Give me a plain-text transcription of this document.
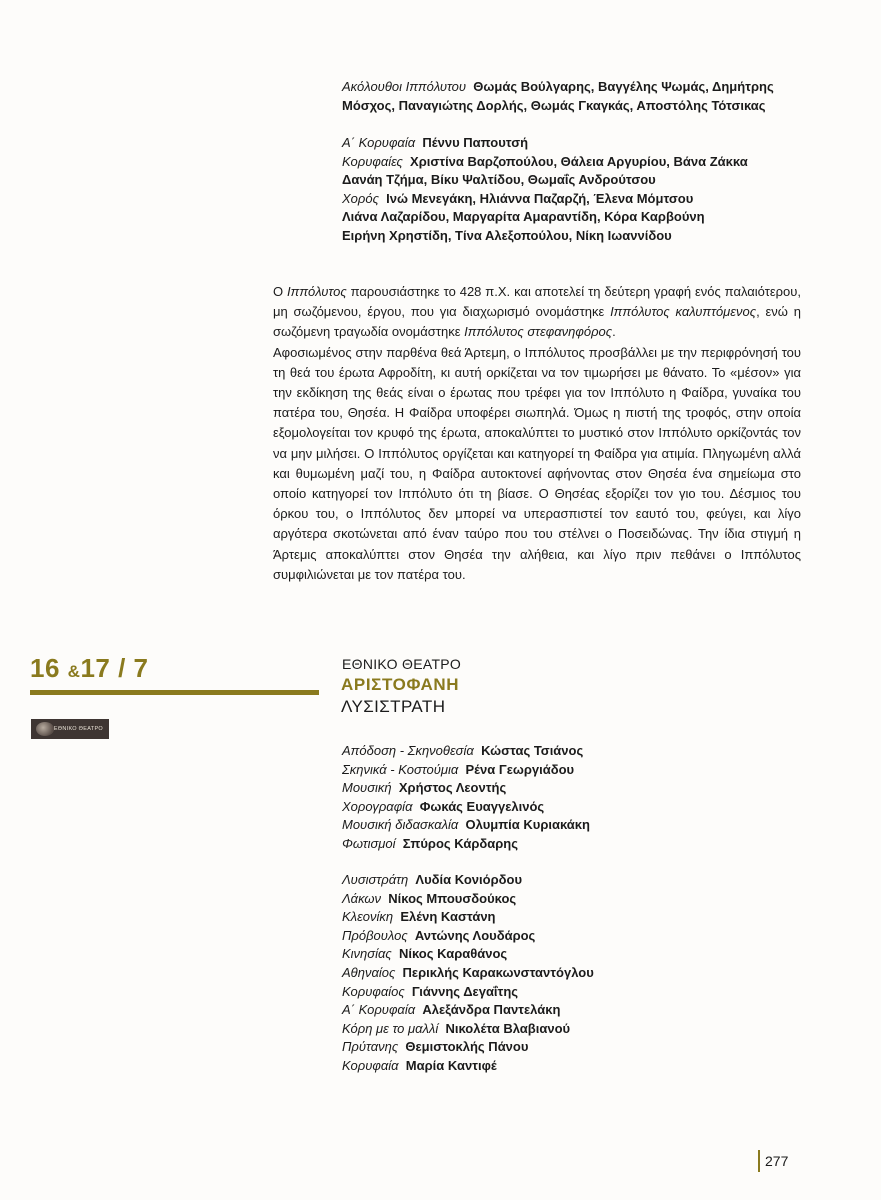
Ακόλουθοι Ιππόλυτου Θωμάς Βούλγαρης, Βαγγέλης Ψωμάς, Δημήτρης
Μόσχος, Παναγιώτης Δορλής, Θωμάς Γκαγκάς, Αποστόλης Τότσικας
Α΄ Κορυφαία Πέννυ Παπουτσή
Κορυφαίες Χριστίνα Βαρζοπούλου, Θάλεια Αργυρίου, Βάνα Ζάκκα
Δανάη Τζήμα, Βίκυ Ψαλτίδου, Θωμαΐς Ανδρούτσου
Χορός Ινώ Μενεγάκη, Ηλιάννα Παζαρζή, Έλενα Μόμτσου
Λιάνα Λαζαρίδου, Μαργαρίτα Αμαραντίδη, Κόρα Καρβούνη
Ειρήνη Χρηστίδη, Τίνα Αλεξοπούλου, Νίκη Ιωαννίδου

Ο Ιππόλυτος παρουσιάστηκε το 428 π.Χ. και αποτελεί τη δεύτερη γραφή ενός παλαιότερου, μη σωζόμενου, έργου, που για διαχωρισμό ονομάστηκε Ιππόλυτος καλυπτόμενος, ενώ η σωζόμενη τραγωδία ονομάστηκε Ιππόλυτος στεφανηφόρος.

Αφοσιωμένος στην παρθένα θεά Άρτεμη, ο Ιππόλυτος προσβάλλει με την περιφρόνησή του τη θεά του έρωτα Αφροδίτη, κι αυτή ορκίζεται να τον τιμωρήσει με θάνατο. Το «μέσον» για την εκδίκηση της θεάς είναι ο έρωτας που τρέφει για τον Ιππόλυτο η Φαίδρα, γυναίκα του πατέρα του, Θησέα. Η Φαίδρα υποφέρει σιωπηλά. Όμως η πιστή της τροφός, στην οποία εξομολογείται τον κρυφό της έρωτα, αποκαλύπτει το μυστικό στον Ιππόλυτο ορκίζοντάς τον να μην μιλήσει. Ο Ιππόλυτος οργίζεται και κατηγορεί τη Φαίδρα για ατιμία. Πληγωμένη αλλά και θυμωμένη μαζί του, η Φαίδρα αυτοκτονεί αφήνοντας στον Θησέα ένα σημείωμα στο οποίο κατηγορεί τον Ιππόλυτο ότι τη βίασε. Ο Θησέας εξορίζει τον γιο του. Δέσμιος του όρκου του, ο Ιππόλυτος δεν μπορεί να υπερασπιστεί τον εαυτό του, φεύγει, και λίγο αργότερα σκοτώνεται από έναν ταύρο που του στέλνει ο Ποσειδώνας. Την ίδια στιγμή η Άρτεμις αποκαλύπτει στον Θησέα την αλήθεια, και λίγο πριν πεθάνει ο Ιππόλυτος συμφιλιώνεται με τον πατέρα του.

16 &17 / 7
ΕΘΝΙΚΟ ΘΕΑΤΡΟ
ΕΘΝΙΚΟ ΘΕΑΤΡΟ
ΑΡΙΣΤΟΦΑΝΗ
ΛΥΣΙΣΤΡΑΤΗ
Απόδοση - Σκηνοθεσία Κώστας Τσιάνος
Σκηνικά - Κοστούμια Ρένα Γεωργιάδου
Μουσική Χρήστος Λεοντής
Χορογραφία Φωκάς Ευαγγελινός
Μουσική διδασκαλία Ολυμπία Κυριακάκη
Φωτισμοί Σπύρος Κάρδαρης
Λυσιστράτη Λυδία Κονιόρδου
Λάκων Νίκος Μπουσδούκος
Κλεονίκη Ελένη Καστάνη
Πρόβουλος Αντώνης Λουδάρος
Κινησίας Νίκος Καραθάνος
Αθηναίος Περικλής Καρακωνσταντόγλου
Κορυφαίος Γιάννης Δεγαΐτης
Α΄ Κορυφαία Αλεξάνδρα Παντελάκη
Κόρη με το μαλλί Νικολέτα Βλαβιανού
Πρύτανης Θεμιστοκλής Πάνου
Κορυφαία Μαρία Καντιφέ
277
